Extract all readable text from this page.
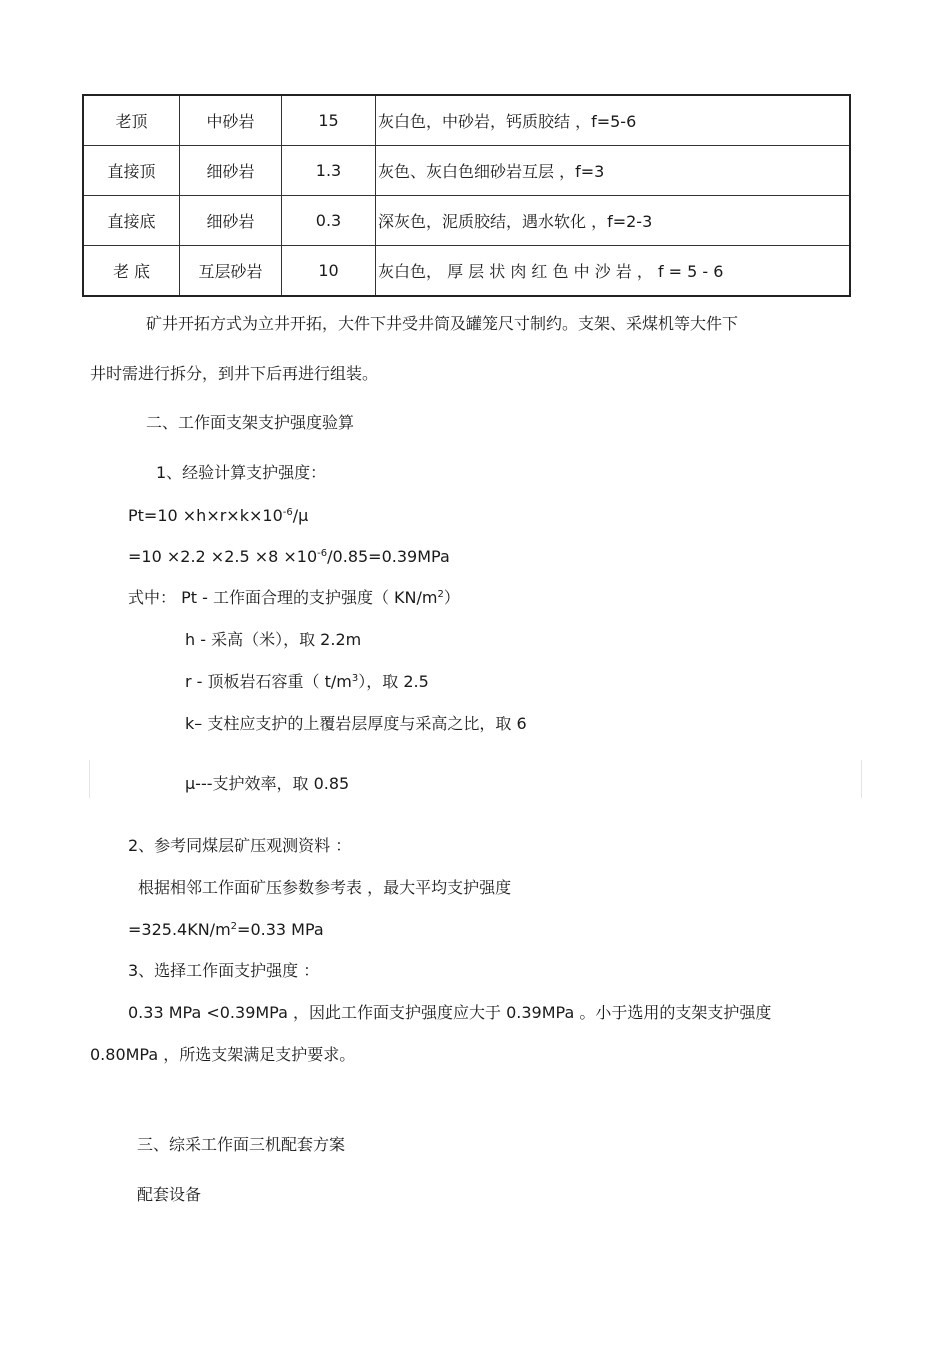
老顶	中砂岩	15	灰白色，中砂岩，钙质胶结 ，f=5-6
直接顶	细砂岩	1.3	灰色、灰白色细砂岩互层 ，f=3
直接底	细砂岩	0.3	深灰色，泥质胶结，遇水软化 ，f=2-3
老 底	互层砂岩	10	灰白色， 厚 层 状 肉 红 色 中 沙 岩 ， f = 5 - 6
矿井开拓方式为立井开拓，大件下井受井筒及罐笼尺寸制约。支架、采煤机等大件下
井时需进行拆分，到井下后再进行组装。
二、工作面支架支护强度验算
1、经验计算支护强度：
$Pt=10 \times h\times r\times k\times 10^{-6}/\mu$
$=10 \times 2.2 \times 2.5 \times 8 \times 10^{-6}/0.85=0.39MPa$
式中： Pt - 工作面合理的支护强度（ $KN/m^2$）
h - 采高（米），取 2.2m
r - 顶板岩石容重（ $t/m^3$），取 2.5
k– 支柱应支护的上覆岩层厚度与采高之比，取 6
μ---支护效率，取 0.85
2、参考同煤层矿压观测资料 ：
根据相邻工作面矿压参数参考表 ，最大平均支护强度
$=325.4KN/m^2=0.33$ MPa
3、选择工作面支护强度 ：
0.33 MPa <0.39MPa ，因此工作面支护强度应大于 0.39MPa 。小于选用的支架支护强度
0.80MPa ，所选支架满足支护要求。
三、综采工作面三机配套方案
配套设备
